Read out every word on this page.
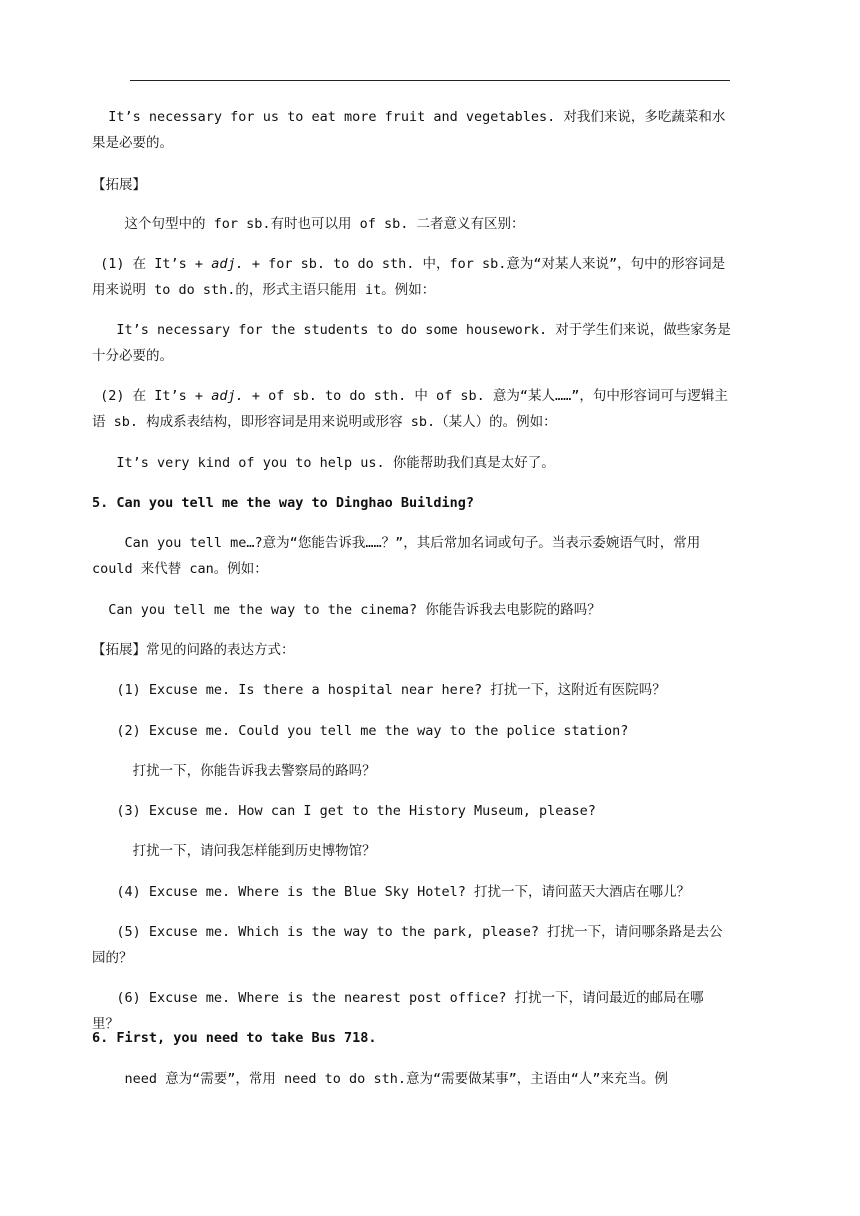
It’s necessary for us to eat more fruit and vegetables. 对我们来说，多吃蔬菜和水果是必要的。
【拓展】
这个句型中的 for sb.有时也可以用 of sb. 二者意义有区别：
(1) 在 It’s + adj. + for sb. to do sth. 中，for sb.意为“对某人来说”，句中的形容词是用来说明 to do sth.的，形式主语只能用 it。例如：
It’s necessary for the students to do some housework. 对于学生们来说，做些家务是十分必要的。
(2) 在 It’s + adj. + of sb. to do sth. 中 of sb. 意为“某人……”，句中形容词可与逻辑主语 sb. 构成系表结构，即形容词是用来说明或形容 sb.（某人）的。例如：
It’s very kind of you to help us. 你能帮助我们真是太好了。
5. Can you tell me the way to Dinghao Building?
Can you tell me…?意为“您能告诉我……？”，其后常加名词或句子。当表示委婉语气时，常用 could 来代替 can。例如：
Can you tell me the way to the cinema? 你能告诉我去电影院的路吗？
【拓展】常见的问路的表达方式：
(1) Excuse me. Is there a hospital near here? 打扰一下，这附近有医院吗？
(2) Excuse me. Could you tell me the way to the police station?
打扰一下，你能告诉我去警察局的路吗？
(3) Excuse me. How can I get to the History Museum, please?
打扰一下，请问我怎样能到历史博物馆？
(4) Excuse me. Where is the Blue Sky Hotel? 打扰一下，请问蓝天大酒店在哪儿？
(5) Excuse me. Which is the way to the park, please? 打扰一下，请问哪条路是去公园的？
(6) Excuse me. Where is the nearest post office? 打扰一下，请问最近的邮局在哪里？
6. First, you need to take Bus 718.
need 意为“需要”，常用 need to do sth.意为“需要做某事”，主语由“人”来充当。例
